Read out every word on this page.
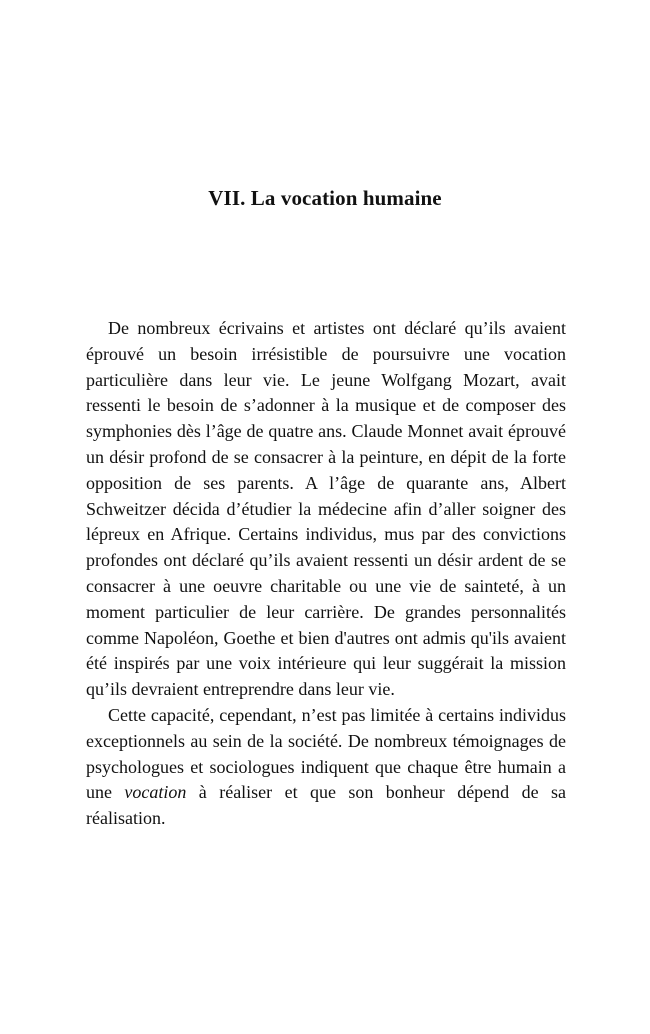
VII. La vocation humaine

De nombreux écrivains et artistes ont déclaré qu’ils avaient éprouvé un besoin irrésistible de poursuivre une vocation particulière dans leur vie. Le jeune Wolfgang Mozart, avait ressenti le besoin de s’adonner à la musique et de composer des symphonies dès l’âge de quatre ans. Claude Monnet avait éprouvé un désir profond de se consacrer à la peinture, en dépit de la forte opposition de ses parents. A l’âge de quarante ans, Albert Schweitzer décida d’étudier la médecine afin d’aller soigner des lépreux en Afrique. Certains individus, mus par des convictions profondes ont déclaré qu’ils avaient ressenti un désir ardent de se consacrer à une oeuvre charitable ou une vie de sainteté, à un moment particulier de leur carrière. De grandes personnalités comme Napoléon, Goethe et bien d'autres ont admis qu'ils avaient été inspirés par une voix intérieure qui leur suggérait la mission qu’ils devraient entreprendre dans leur vie.

Cette capacité, cependant, n’est pas limitée à certains individus exceptionnels au sein de la société. De nombreux témoignages de psychologues et sociologues indiquent que chaque être humain a une vocation à réaliser et que son bonheur dépend de sa réalisation.
